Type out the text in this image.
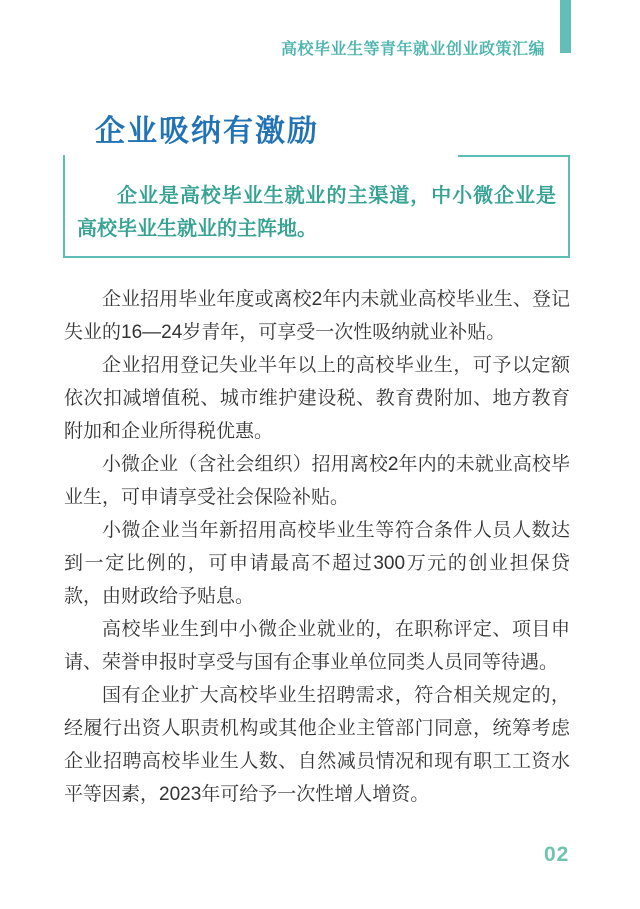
高校毕业生等青年就业创业政策汇编
企业吸纳有激励

企业是高校毕业生就业的主渠道，中小微企业是高校毕业生就业的主阵地。

企业招用毕业年度或离校2年内未就业高校毕业生、登记失业的16—24岁青年，可享受一次性吸纳就业补贴。

企业招用登记失业半年以上的高校毕业生，可予以定额依次扣减增值税、城市维护建设税、教育费附加、地方教育附加和企业所得税优惠。

小微企业（含社会组织）招用离校2年内的未就业高校毕业生，可申请享受社会保险补贴。

小微企业当年新招用高校毕业生等符合条件人员人数达到一定比例的，可申请最高不超过300万元的创业担保贷款，由财政给予贴息。

高校毕业生到中小微企业就业的，在职称评定、项目申请、荣誉申报时享受与国有企事业单位同类人员同等待遇。

国有企业扩大高校毕业生招聘需求，符合相关规定的，经履行出资人职责机构或其他企业主管部门同意，统筹考虑企业招聘高校毕业生人数、自然减员情况和现有职工工资水平等因素，2023年可给予一次性增人增资。

02
